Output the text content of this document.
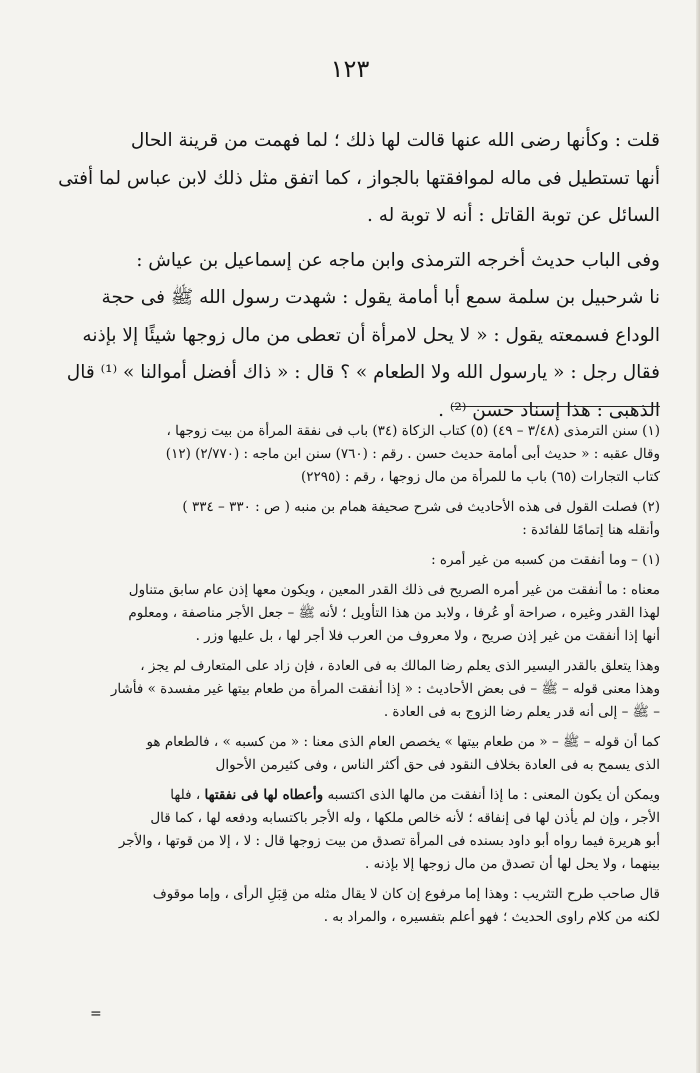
١٢٣

قلت : وكأنها رضى الله عنها قالت لها ذلك ؛ لما فهمت من قرينة الحال
أنها تستطيل فى ماله لموافقتها بالجواز ، كما اتفق مثل ذلك لابن عباس لما أفتى
السائل عن توبة القاتل : أنه لا توبة له .

وفى الباب حديث أخرجه الترمذى وابن ماجه عن إسماعيل بن عياش :
نا شرحبيل بن سلمة سمع أبا أمامة يقول : شهدت رسول الله ﷺ فى حجة
الوداع فسمعته يقول : « لا يحل لامرأة أن تعطى من مال زوجها شيئًا إلا بإذنه
فقال رجل : « يارسول الله ولا الطعام » ؟ قال : « ذاك أفضل أموالنا » ⁽¹⁾ قال
الذهبى : هذا إسناد حسن ⁽²⁾ .

(١) سنن الترمذى (٣/٤٨ – ٤٩) (٥) كتاب الزكاة (٣٤) باب فى نفقة المرأة من بيت زوجها ،
وقال عقبه : « حديث أبى أمامة حديث حسن . رقم : (٧٦٠) سنن ابن ماجه : (٢/٧٧٠) (١٢)
كتاب التجارات (٦٥) باب ما للمرأة من مال زوجها ، رقم : (٢٢٩٥)
(٢) فصلت القول فى هذه الأحاديث فى شرح صحيفة همام بن منبه ( ص : ٣٣٠ – ٣٣٤ )
وأنقله هنا إتمامًا للفائدة :
(١) – وما أنفقت من كسبه من غير أمره :
معناه : ما أنفقت من غير أمره الصريح فى ذلك القدر المعين ، ويكون معها إذن عام سابق متناول
لهذا القدر وغيره ، صراحة أو عُرفا ، ولابد من هذا التأويل ؛ لأنه ﷺ – جعل الأجر مناصفة ، ومعلوم
أنها إذا أنفقت من غير إذن صريح ، ولا معروف من العرب فلا أجر لها ، بل عليها وزر .
وهذا يتعلق بالقدر اليسير الذى يعلم رضا المالك به فى العادة ، فإن زاد على المتعارف لم يجز ،
وهذا معنى قوله – ﷺ – فى بعض الأحاديث : « إذا أنفقت المرأة من طعام بيتها غير مفسدة » فأشار
– ﷺ – إلى أنه قدر يعلم رضا الزوج به فى العادة .
كما أن قوله – ﷺ – « من طعام بيتها » يخصص العام الذى معنا : « من كسبه » ، فالطعام هو
الذى يسمح به فى العادة بخلاف النقود فى حق أكثر الناس ، وفى كثيرمن الأحوال
ويمكن أن يكون المعنى : ما إذا أنفقت من مالها الذى اكتسبه وأعطاه لها فى نفقتها ، فلها
الأجر ، وإن لم يأذن لها فى إنفاقه ؛ لأنه خالص ملكها ، وله الأجر باكتسابه ودفعه لها ، كما قال
أبو هريرة فيما رواه أبو داود بسنده فى المرأة تصدق من بيت زوجها قال : لا ، إلا من قوتها ، والأجر
بينهما ، ولا يحل لها أن تصدق من مال زوجها إلا بإذنه .
قال صاحب طرح التثريب : وهذا إما مرفوع إن كان لا يقال مثله من قِبَلِ الرأى ، وإما موقوف
لكنه من كلام راوى الحديث ؛ فهو أعلم بتفسيره ، والمراد به .
=
